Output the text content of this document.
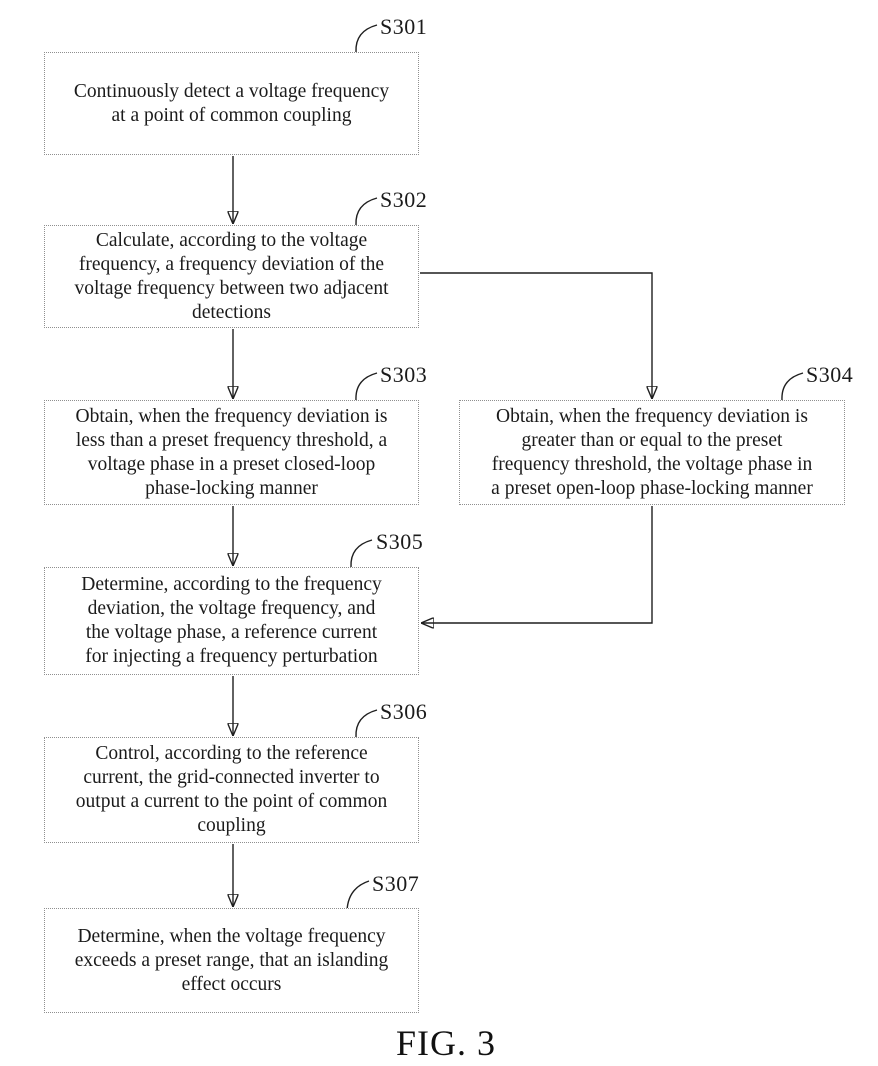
Continuously detect a voltage frequency
at a point of common coupling
Calculate, according to the voltage
frequency, a frequency deviation of the
voltage frequency between two adjacent
detections
Obtain, when the frequency deviation is
less than a preset frequency threshold, a
voltage phase in a preset closed-loop
phase-locking manner
Obtain, when the frequency deviation is
greater than or equal to the preset
frequency threshold, the voltage phase in
a preset open-loop phase-locking manner
Determine, according to the frequency
deviation, the voltage frequency, and
the voltage phase, a reference current
for injecting a frequency perturbation
Control, according to the reference
current, the grid-connected inverter to
output a current to the point of common
coupling
Determine, when the voltage frequency
exceeds a preset range, that an islanding
effect occurs
S301
S302
S303	S304
S305
S306
S307
FIG. 3
